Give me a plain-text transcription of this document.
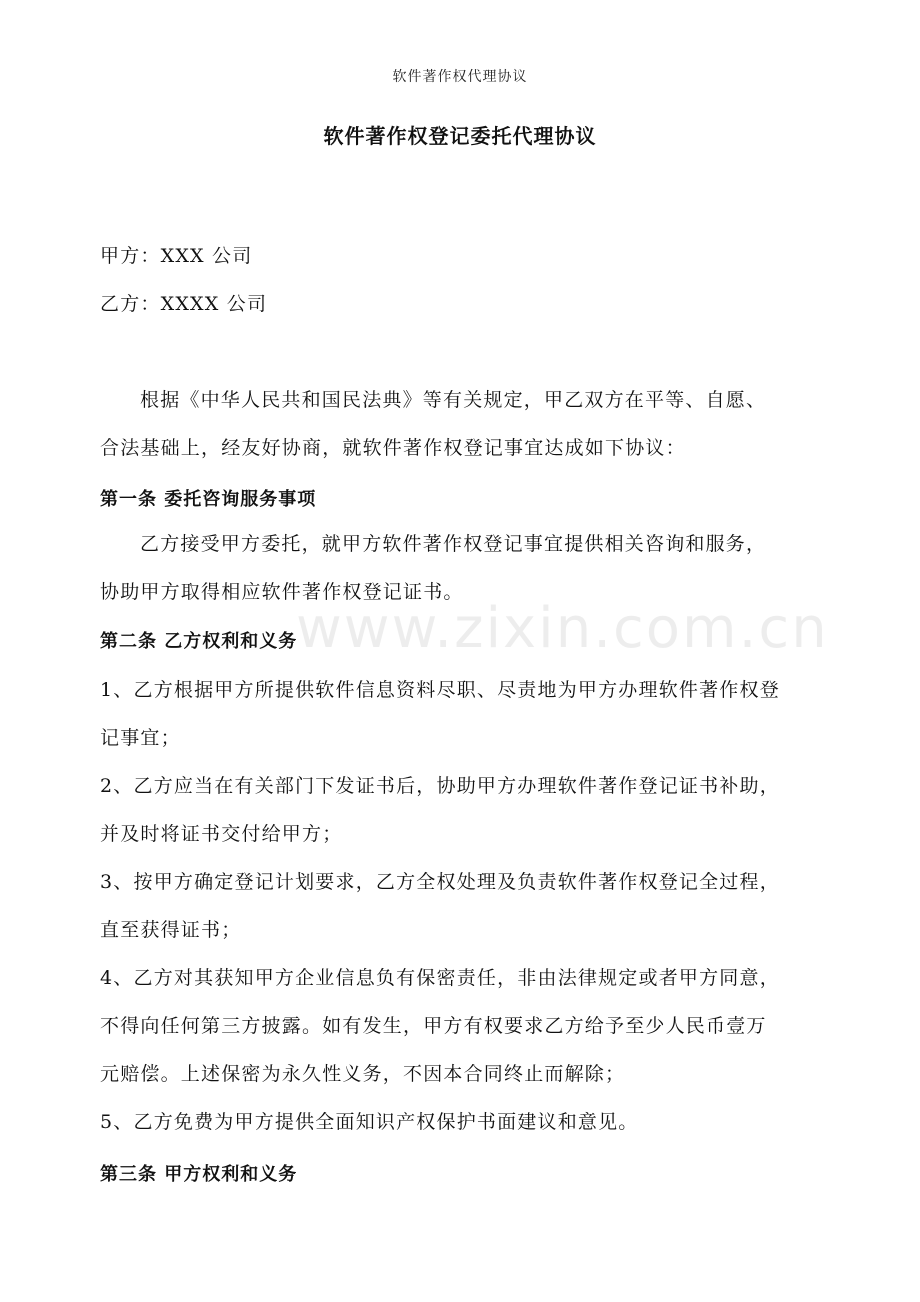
软件著作权代理协议
软件著作权登记委托代理协议
甲方：XXX 公司
乙方：XXXX 公司
根据《中华人民共和国民法典》等有关规定，甲乙双方在平等、自愿、
合法基础上，经友好协商，就软件著作权登记事宜达成如下协议：
第一条 委托咨询服务事项
乙方接受甲方委托，就甲方软件著作权登记事宜提供相关咨询和服务，
协助甲方取得相应软件著作权登记证书。
第二条 乙方权利和义务
1、乙方根据甲方所提供软件信息资料尽职、尽责地为甲方办理软件著作权登
记事宜；
2、乙方应当在有关部门下发证书后，协助甲方办理软件著作登记证书补助，
并及时将证书交付给甲方；
3、按甲方确定登记计划要求，乙方全权处理及负责软件著作权登记全过程，
直至获得证书；
4、乙方对其获知甲方企业信息负有保密责任，非由法律规定或者甲方同意，
不得向任何第三方披露。如有发生，甲方有权要求乙方给予至少人民币壹万
元赔偿。上述保密为永久性义务，不因本合同终止而解除；
5、乙方免费为甲方提供全面知识产权保护书面建议和意见。
第三条 甲方权利和义务
www.zixin.com.cn
